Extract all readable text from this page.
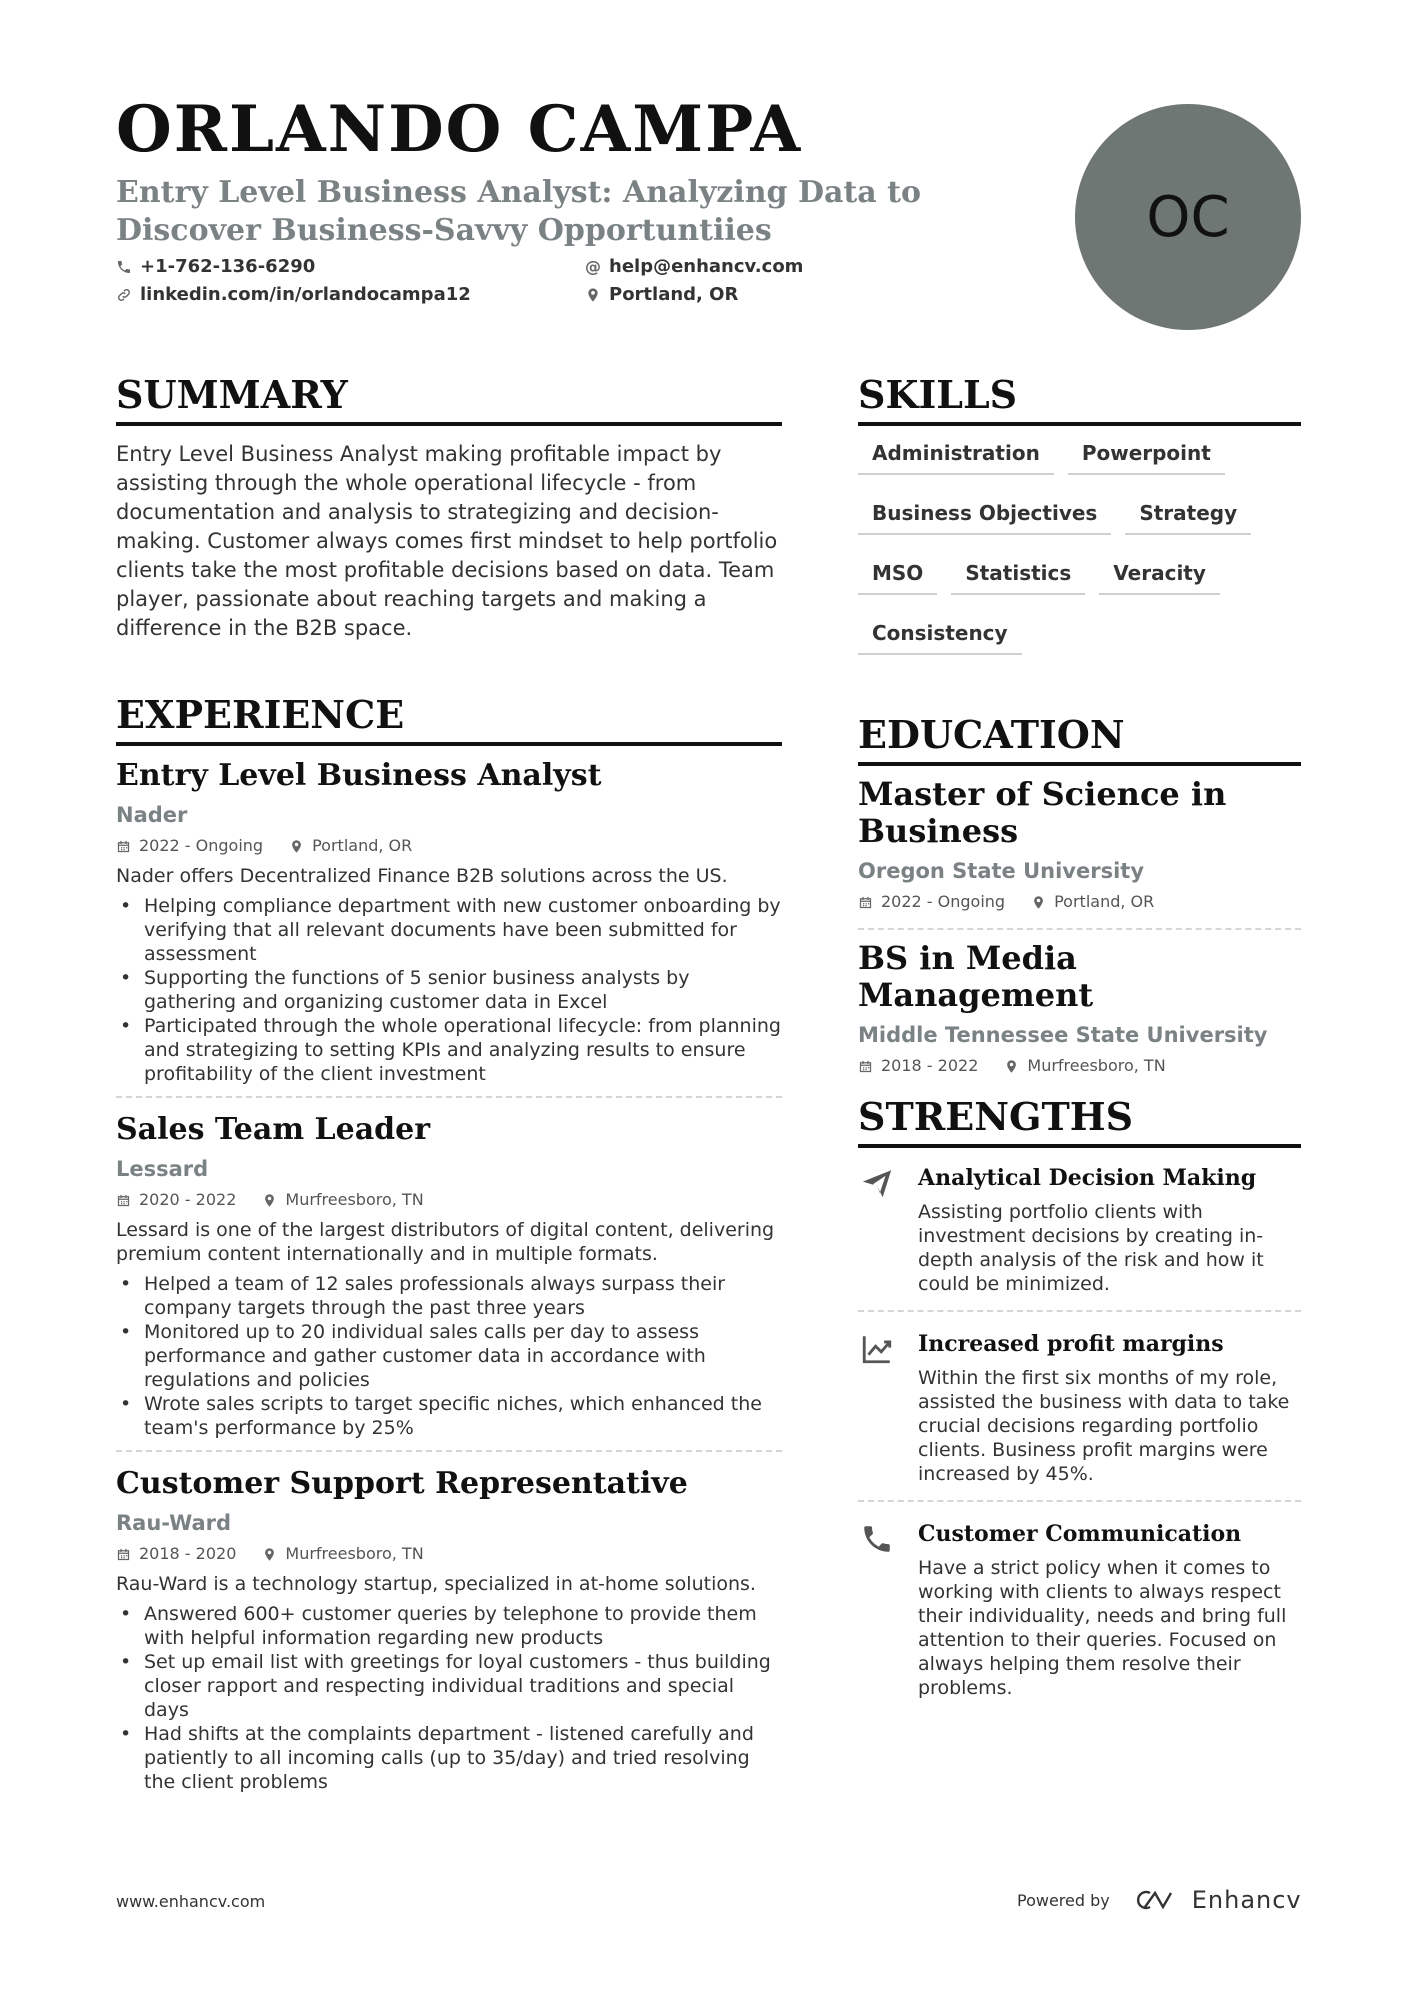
ORLANDO CAMPA

Entry Level Business Analyst: Analyzing Data to Discover Business-Savvy Opportuntiies

+1-762-136-6290	@ help@enhancv.com
linkedin.com/in/orlandocampa12	Portland, OR
OC
SUMMARY

Entry Level Business Analyst making profitable impact by assisting through the whole operational lifecycle - from documentation and analysis to strategizing and decision-making. Customer always comes first mindset to help portfolio clients take the most profitable decisions based on data. Team player, passionate about reaching targets and making a difference in the B2B space.

EXPERIENCE
Entry Level Business Analyst
Nader
2022 - Ongoing	Portland, OR
Nader offers Decentralized Finance B2B solutions across the US.
• Helping compliance department with new customer onboarding by verifying that all relevant documents have been submitted for assessment
• Supporting the functions of 5 senior business analysts by gathering and organizing customer data in Excel
• Participated through the whole operational lifecycle: from planning and strategizing to setting KPIs and analyzing results to ensure profitability of the client investment
Sales Team Leader
Lessard
2020 - 2022	Murfreesboro, TN
Lessard is one of the largest distributors of digital content, delivering premium content internationally and in multiple formats.
• Helped a team of 12 sales professionals always surpass their company targets through the past three years
• Monitored up to 20 individual sales calls per day to assess performance and gather customer data in accordance with regulations and policies
• Wrote sales scripts to target specific niches, which enhanced the team's performance by 25%
Customer Support Representative
Rau-Ward
2018 - 2020	Murfreesboro, TN
Rau-Ward is a technology startup, specialized in at-home solutions.
• Answered 600+ customer queries by telephone to provide them with helpful information regarding new products
• Set up email list with greetings for loyal customers - thus building closer rapport and respecting individual traditions and special days
• Had shifts at the complaints department - listened carefully and patiently to all incoming calls (up to 35/day) and tried resolving the client problems
SKILLS
Administration	Powerpoint
Business Objectives	Strategy
MSO	Statistics	Veracity
Consistency
EDUCATION
Master of Science in Business
Oregon State University
2022 - Ongoing	Portland, OR
BS in Media Management
Middle Tennessee State University
2018 - 2022	Murfreesboro, TN
STRENGTHS
Analytical Decision Making
Assisting portfolio clients with investment decisions by creating in-depth analysis of the risk and how it could be minimized.
Increased profit margins
Within the first six months of my role, assisted the business with data to take crucial decisions regarding portfolio clients. Business profit margins were increased by 45%.
Customer Communication
Have a strict policy when it comes to working with clients to always respect their individuality, needs and bring full attention to their queries. Focused on always helping them resolve their problems.
www.enhancv.com	Powered by	Enhancv
